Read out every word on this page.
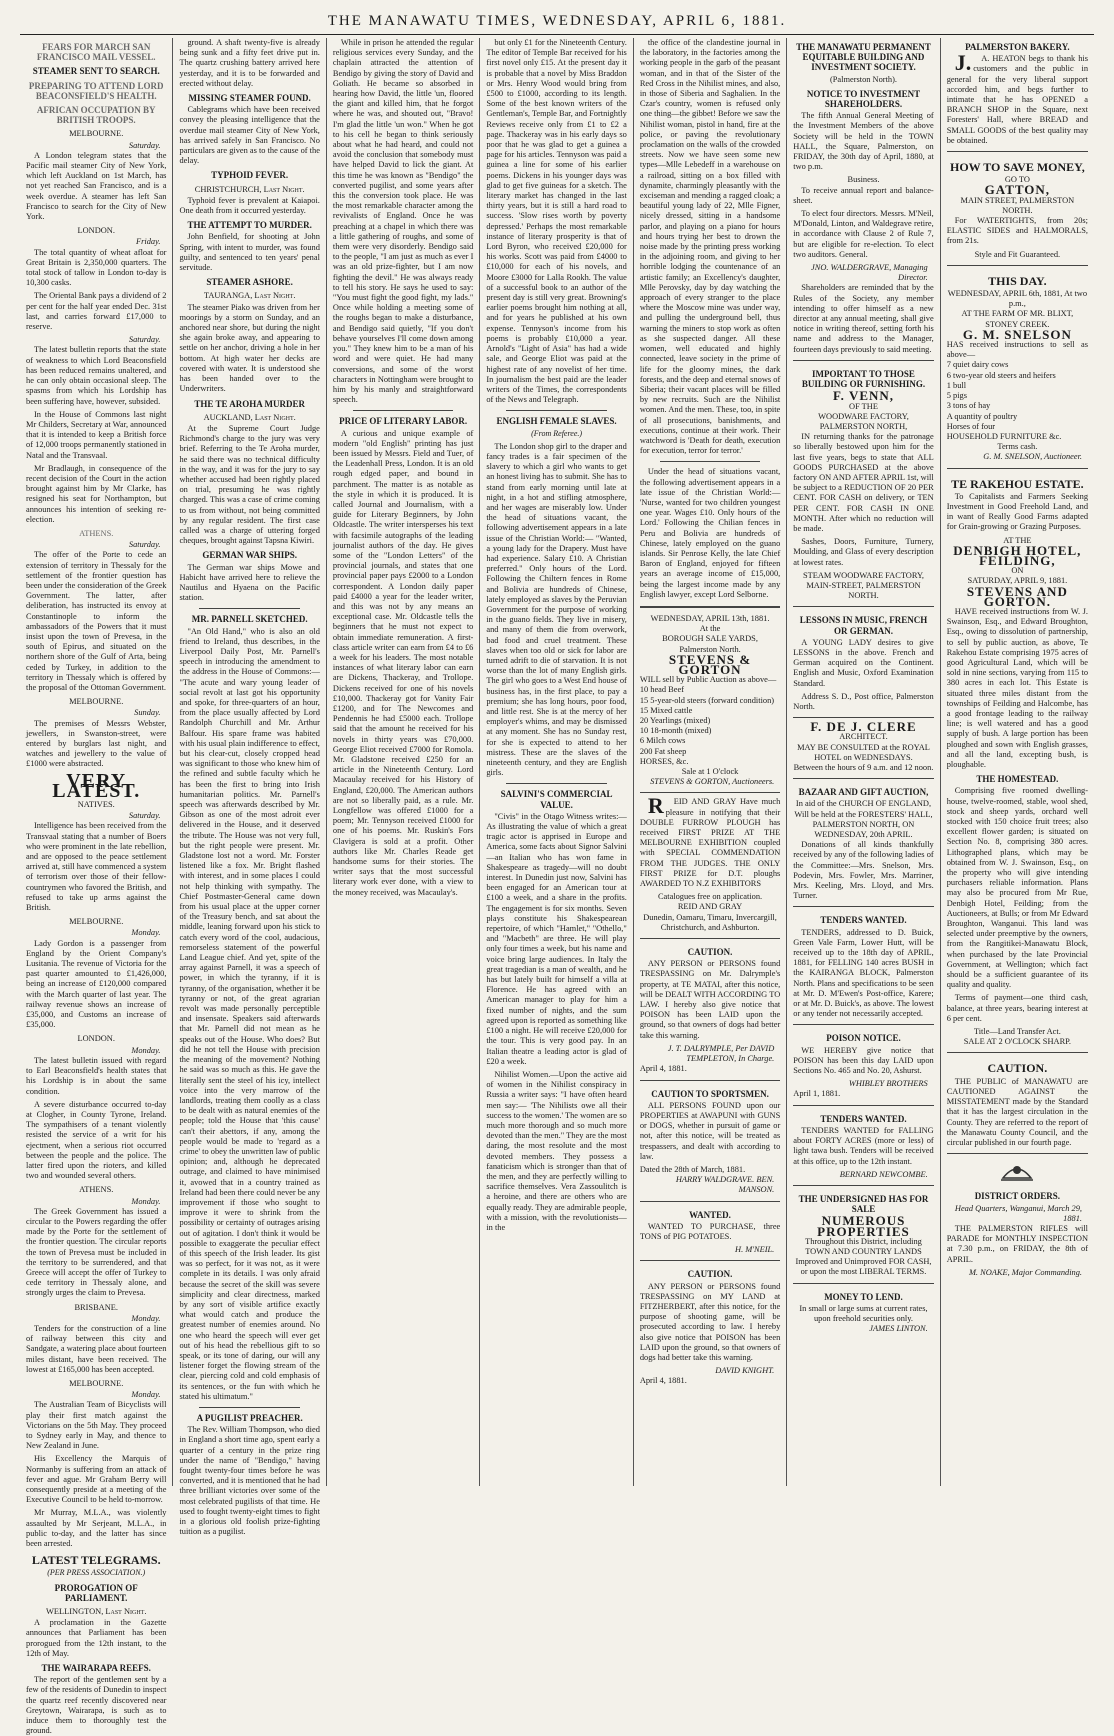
THE MANAWATU TIMES, WEDNESDAY, APRIL 6, 1881.
FEARS FOR MARCH SAN FRANCISCO MAIL VESSEL.
STEAMER SENT TO SEARCH.
PREPARING TO ATTEND LORD BEACONSFIELD'S HEALTH.
AFRICAN OCCUPATION BY BRITISH TROOPS.
MELBOURNE.
Saturday.

A London telegram states that the Pacific mail steamer City of New York, which left Auckland on 1st March, has not yet reached San Francisco, and is a week overdue. A steamer has left San Francisco to search for the City of New York.

LONDON.
Friday.

The total quantity of wheat afloat for Great Britain is 2,350,000 quarters. The total stock of tallow in London to-day is 10,300 casks.

The Oriental Bank pays a dividend of 2 per cent for the half year ended Dec. 31st last, and carries forward £17,000 to reserve.

Saturday.

The latest bulletin reports that the state of weakness to which Lord Beaconsfield has been reduced remains unaltered, and he can only obtain occasional sleep. The spasms from which his Lordship has been suffering have, however, subsided.

In the House of Commons last night Mr Childers, Secretary at War, announced that it is intended to keep a British force of 12,000 troops permanently stationed in Natal and the Transvaal.

Mr Bradlaugh, in consequence of the recent decision of the Court in the action brought against him by Mr Clarke, has resigned his seat for Northampton, but announces his intention of seeking re-election.

ATHENS.
Saturday.

The offer of the Porte to cede an extension of territory in Thessaly for the settlement of the frontier question has been under the consideration of the Greek Government. The latter, after deliberation, has instructed its envoy at Constantinople to inform the ambassadors of the Powers that it must insist upon the town of Prevesa, in the south of Epirus, and situated on the northern shore of the Gulf of Arta, being ceded by Turkey, in addition to the territory in Thessaly which is offered by the proposal of the Ottoman Government.

MELBOURNE.
Sunday.

The premises of Messrs Webster, jewellers, in Swanston-street, were entered by burglars last night, and watches and jewellery to the value of £1000 were abstracted.

VERY LATEST.
NATIVES.
Saturday.

Intelligence has been received from the Transvaal stating that a number of Boers who were prominent in the late rebellion, and are opposed to the peace settlement arrived at, still have commenced a system of terrorism over those of their fellow-countrymen who favored the British, and refused to take up arms against the British.

MELBOURNE.
Monday.

Lady Gordon is a passenger from England by the Orient Company's Lusitania. The revenue of Victoria for the past quarter amounted to £1,426,000, being an increase of £120,000 compared with the March quarter of last year. The railway revenue shows an increase of £35,000, and Customs an increase of £35,000.

LONDON.
Monday.

The latest bulletin issued with regard to Earl Beaconsfield's health states that his Lordship is in about the same condition.

A severe disturbance occurred to-day at Clogher, in County Tyrone, Ireland. The sympathisers of a tenant violently resisted the service of a writ for his ejectment, when a serious riot occurred between the people and the police. The latter fired upon the rioters, and killed two and wounded several others.

ATHENS.
Monday.

The Greek Government has issued a circular to the Powers regarding the offer made by the Porte for the settlement of the frontier question. The circular reports the town of Prevesa must be included in the territory to be surrendered, and that Greece will accept the offer of Turkey to cede territory in Thessaly alone, and strongly urges the claim to Prevesa.

BRISBANE.
Monday.

Tenders for the construction of a line of railway between this city and Sandgate, a watering place about fourteen miles distant, have been received. The lowest at £165,000 has been accepted.

MELBOURNE.
Monday.

The Australian Team of Bicyclists will play their first match against the Victorians on the 5th May. They proceed to Sydney early in May, and thence to New Zealand in June.

His Excellency the Marquis of Normanby is suffering from an attack of fever and ague. Mr Graham Berry will consequently preside at a meeting of the Executive Council to be held to-morrow.

Mr Murray, M.L.A., was violently assaulted by Mr Serjeant, M.L.A., in public to-day, and the latter has since been arrested.

LATEST TELEGRAMS.
(PER PRESS ASSOCIATION.)
PROROGATION OF PARLIAMENT.
WELLINGTON, Last Night.

A proclamation in the Gazette announces that Parliament has been prorogued from the 12th instant, to the 12th of May.

THE WAIRARAPA REEFS.

The report of the gentlemen sent by a few of the residents of Dunedin to inspect the quartz reef recently discovered near Greytown, Wairarapa, is such as to induce them to thoroughly test the ground.

ground. A shaft twenty-five is already being sunk and a fifty feet drive put in. The quartz crushing battery arrived here yesterday, and it is to be forwarded and erected without delay.

MISSING STEAMER FOUND.

Cablegrams which have been received convey the pleasing intelligence that the overdue mail steamer City of New York, has arrived safely in San Francisco. No particulars are given as to the cause of the delay.

TYPHOID FEVER.
CHRISTCHURCH, Last Night.

Typhoid fever is prevalent at Kaiapoi. One death from it occurred yesterday.

THE ATTEMPT TO MURDER.

John Benfield, for shooting at John Spring, with intent to murder, was found guilty, and sentenced to ten years' penal servitude.

STEAMER ASHORE.
TAURANGA, Last Night.

The steamer Piako was driven from her moorings by a storm on Sunday, and an anchored near shore, but during the night she again broke away, and appearing to settle on her anchor, driving a hole in her bottom. At high water her decks are covered with water. It is understood she has been handed over to the Underwriters.

THE TE AROHA MURDER
AUCKLAND, Last Night.

At the Supreme Court Judge Richmond's charge to the jury was very brief. Referring to the Te Aroha murder, he said there was no technical difficulty in the way, and it was for the jury to say whether accused had been rightly placed on trial, presuming he was rightly charged. This was a case of crime coming to us from without, not being committed by any regular resident. The first case called was a charge of uttering forged cheques, brought against Tapsna Kiwiri.

GERMAN WAR SHIPS.

The German war ships Mowe and Habicht have arrived here to relieve the Nautilus and Hyaena on the Pacific station.

MR. PARNELL SKETCHED.

"An Old Hand," who is also an old friend to Ireland, thus describes, in the Liverpool Daily Post, Mr. Parnell's speech in introducing the amendment to the address in the House of Commons:— "The acute and wary young leader of social revolt at last got his opportunity and spoke, for three-quarters of an hour, from the place usually affected by Lord Randolph Churchill and Mr. Arthur Balfour. His spare frame was habited with his usual plain indifference to effect, but his clear-cut, closely cropped head was significant to those who knew him of the refined and subtle faculty which he has been the first to bring into Irish humanitarian politics. Mr. Parnell's speech was afterwards described by Mr. Gibson as one of the most adroit ever delivered in the House, and it deserved the tribute. The House was not very full, but the right people were present. Mr. Gladstone lost not a word. Mr. Forster listened like a fox. Mr. Bright flashed with interest, and in some places I could not help thinking with sympathy. The Chief Postmaster-General came down from his usual place at the upper corner of the Treasury bench, and sat about the middle, leaning forward upon his stick to catch every word of the cool, audacious, remorseless statement of the powerful Land League chief. And yet, spite of the array against Parnell, it was a speech of power, in which the tyranny, if it is tyranny, of the organisation, whether it be tyranny or not, of the great agrarian revolt was made personally perceptible and insensate. Speakers said afterwards that Mr. Parnell did not mean as he speaks out of the House. Who does? But did he not tell the House with precision the meaning of the movement? Nothing he said was so much as this. He gave the literally sent the steel of his icy, intellect voice into the very marrow of the landlords, treating them coolly as a class to be dealt with as natural enemies of the people; told the House that 'this cause' can't their abettors, if any, among the people would be made to 'regard as a crime' to obey the unwritten law of public opinion; and, although he deprecated outrage, and claimed to have minimised it, avowed that in a country trained as Ireland had been there could never be any improvement if those who sought to improve it were to shrink from the possibility or certainty of outrages arising out of agitation. I don't think it would be possible to exaggerate the peculiar effect of this speech of the Irish leader. Its gist was so perfect, for it was not, as it were complete in its details. I was only afraid because the secret of the skill was severe simplicity and clear directness, marked by any sort of visible artifice exactly what would catch and produce the greatest number of enemies around. No one who heard the speech will ever get out of his head the rebellious gift to so speak, or its tone of daring, our will any listener forget the flowing stream of the clear, piercing cold and cold emphasis of its sentences, or the fun with which he stated his ultimatum."

A PUGILIST PREACHER.

The Rev. William Thompson, who died in England a short time ago, spent early a quarter of a century in the prize ring under the name of "Bendigo," having fought twenty-four times before he was converted, and it is mentioned that he had three brilliant victories over some of the most celebrated pugilists of that time. He used to fought twenty-eight times to fight in a glorious old foolish prize-fighting tuition as a pugilist.

While in prison he attended the regular religious services every Sunday, and the chaplain attracted the attention of Bendigo by giving the story of David and Goliath. He became so absorbed in hearing how David, the little 'un, floored the giant and killed him, that he forgot where he was, and shouted out, "Bravo! I'm glad the little 'un won." When he got to his cell he began to think seriously about what he had heard, and could not avoid the conclusion that somebody must have helped David to lick the giant. At this time he was known as "Bendigo" the converted pugilist, and some years after this the conversion took place. He was the most remarkable character among the revivalists of England. Once he was preaching at a chapel in which there was a little gathering of roughs, and some of them were very disorderly. Bendigo said to the people, "I am just as much as ever I was an old prize-fighter, but I am now fighting the devil." He was always ready to tell his story. He says he used to say: "You must fight the good fight, my lads." Once while holding a meeting some of the roughs began to make a disturbance, and Bendigo said quietly, "If you don't behave yourselves I'll come down among you." They knew him to be a man of his word and were quiet. He had many conversions, and some of the worst characters in Nottingham were brought to him by his manly and straightforward speech.

PRICE OF LITERARY LABOR.

A curious and unique example of modern "old English" printing has just been issued by Messrs. Field and Tuer, of the Leadenhall Press, London. It is an old rough edged paper, and bound in parchment. The matter is as notable as the style in which it is produced. It is called Journal and Journalism, with a guide for Literary Beginners, by John Oldcastle. The writer intersperses his text with facsimile autographs of the leading journalist authors of the day. He gives some of the "London Letters" of the provincial journals, and states that one provincial paper pays £2000 to a London correspondent. A London daily paper paid £4000 a year for the leader writer, and this was not by any means an exceptional case. Mr. Oldcastle tells the beginners that he must not expect to obtain immediate remuneration. A first-class article writer can earn from £4 to £6 a week for his leaders. The most notable instances of what literary labor can earn are Dickens, Thackeray, and Trollope. Dickens received for one of his novels £10,000. Thackeray got for Vanity Fair £1200, and for The Newcomes and Pendennis he had £5000 each. Trollope said that the amount he received for his novels in thirty years was £70,000. George Eliot received £7000 for Romola. Mr. Gladstone received £250 for an article in the Nineteenth Century. Lord Macaulay received for his History of England, £20,000. The American authors are not so liberally paid, as a rule. Mr. Longfellow was offered £1000 for a poem; Mr. Tennyson received £1000 for one of his poems. Mr. Ruskin's Fors Clavigera is sold at a profit. Other authors like Mr. Charles Reade get handsome sums for their stories. The writer says that the most successful literary work ever done, with a view to the money received, was Macaulay's.

but only £1 for the Nineteenth Century. The editor of Temple Bar received for his first novel only £15. At the present day it is probable that a novel by Miss Braddon or Mrs. Henry Wood would bring from £500 to £1000, according to its length. Some of the best known writers of the Gentleman's, Temple Bar, and Fortnightly Reviews receive only from £1 to £2 a page. Thackeray was in his early days so poor that he was glad to get a guinea a page for his articles. Tennyson was paid a guinea a line for some of his earlier poems. Dickens in his younger days was glad to get five guineas for a sketch. The literary market has changed in the last thirty years, but it is still a hard road to success. 'Slow rises worth by poverty depressed.' Perhaps the most remarkable instance of literary prosperity is that of Lord Byron, who received £20,000 for his works. Scott was paid from £4000 to £10,000 for each of his novels, and Moore £3000 for Lalla Rookh. The value of a successful book to an author of the present day is still very great. Browning's earlier poems brought him nothing at all, and for years he published at his own expense. Tennyson's income from his poems is probably £10,000 a year. Arnold's "Light of Asia" has had a wide sale, and George Eliot was paid at the highest rate of any novelist of her time. In journalism the best paid are the leader writers of the Times, the correspondents of the News and Telegraph.

ENGLISH FEMALE SLAVES.
(From Referee.)

The London shop girl to the draper and fancy trades is a fair specimen of the slavery to which a girl who wants to get an honest living has to submit. She has to stand from early morning until late at night, in a hot and stifling atmosphere, and her wages are miserably low. Under the head of situations vacant, the following advertisement appears in a late issue of the Christian World:— "Wanted, a young lady for the Drapery. Must have had experience. Salary £10. A Christian preferred." Only hours of the Lord. Following the Chiltern fences in Rome and Bolivia are hundreds of Chinese, lately employed as slaves by the Peruvian Government for the purpose of working in the guano fields. They live in misery, and many of them die from overwork, bad food and cruel treatment. These slaves when too old or sick for labor are turned adrift to die of starvation. It is not worse than the lot of many English girls. The girl who goes to a West End house of business has, in the first place, to pay a premium; she has long hours, poor food, and little rest. She is at the mercy of her employer's whims, and may be dismissed at any moment. She has no Sunday rest, for she is expected to attend to her mistress. These are the slaves of the nineteenth century, and they are English girls.

SALVINI'S COMMERCIAL VALUE.

"Civis" in the Otago Witness writes:— As illustrating the value of which a great tragic actor is apprised in Europe and America, some facts about Signor Salvini—an Italian who has won fame in Shakespeare as tragedy—will no doubt interest. In Dunedin just now, Salvini has been engaged for an American tour at £100 a week, and a share in the profits. The engagement is for six months. Seven plays constitute his Shakespearean repertoire, of which "Hamlet," "Othello," and "Macbeth" are three. He will play only four times a week, but his name and voice bring large audiences. In Italy the great tragedian is a man of wealth, and he has but lately built for himself a villa at Florence. He has agreed with an American manager to play for him a fixed number of nights, and the sum agreed upon is reported as something like £100 a night. He will receive £20,000 for the tour. This is very good pay. In an Italian theatre a leading actor is glad of £20 a week.

Nihilist Women.—Upon the active aid of women in the Nihilist conspiracy in Russia a writer says: "I have often heard men say:— 'The Nihilists owe all their success to the women.' The women are so much more thorough and so much more devoted than the men." They are the most daring, the most resolute and the most devoted members. They possess a fanaticism which is stronger than that of the men, and they are perfectly willing to sacrifice themselves. Vera Zassoulitch is a heroine, and there are others who are equally ready. They are admirable people, with a mission, with the revolutionists—in the

the office of the clandestine journal in the laboratory, in the factories among the working people in the garb of the peasant woman, and in that of the Sister of the Red Cross in the Nihilist mines, and also, in those of Siberia and Saghalien. In the Czar's country, women is refused only one thing—the gibbet! Before we saw the Nihilist woman, pistol in hand, fire at the police, or paving the revolutionary proclamation on the walls of the crowded streets. Now we have seen some new types—Mlle Lebedeff in a warehouse on a railroad, sitting on a box filled with dynamite, charmingly pleasantly with the exciseman and mending a ragged cloak; a beautiful young lady of 22, Mlle Figner, nicely dressed, sitting in a handsome parlor, and playing on a piano for hours and hours trying her best to drown the noise made by the printing press working in the adjoining room, and giving to her horrible lodging the countenance of an artistic family; an Excellency's daughter, Mlle Perovsky, day by day watching the approach of every stranger to the place where the Moscow mine was under way, and pulling the underground bell, thus warning the miners to stop work as often as she suspected danger. All these women, well educated and highly connected, leave society in the prime of life for the gloomy mines, the dark forests, and the deep and eternal snows of Siberia; their vacant places will be filled by new recruits. Such are the Nihilist women. And the men. These, too, in spite of all prosecutions, banishments, and executions, continue at their work. Their watchword is 'Death for death, execution for execution, terror for terror.'

Under the head of situations vacant, the following advertisement appears in a late issue of the Christian World:— 'Nurse, wanted for two children youngest one year. Wages £10. Only hours of the Lord.' Following the Chilian fences in Peru and Bolivia are hundreds of Chinese, lately employed on the guano islands. Sir Penrose Kelly, the late Chief Baron of England, enjoyed for fifteen years an average income of £15,000, being the largest income made by any English lawyer, except Lord Selborne.

WEDNESDAY, APRIL 13th, 1881.
At the
BOROUGH SALE YARDS,
Palmerston North.
STEVENS & GORTON
WILL sell by Public Auction as above—
10 head Beef
15 5-year-old steers (forward condition)
15 Mixed cattle
20 Yearlings (mixed)
10 18-month (mixed)
6 Milch cows
200 Fat sheep
HORSES, &c.
Sale at 1 O'clock
STEVENS & GORTON, Auctioneers.

REID AND GRAY Have much pleasure in notifying that their DOUBLE FURROW PLOUGH has received FIRST PRIZE AT THE MELBOURNE EXHIBITION coupled with SPECIAL COMMENDATION FROM THE JUDGES. THE ONLY FIRST PRIZE for D.T. ploughs AWARDED TO N.Z EXHIBITORS

Catalogues free on application.
REID AND GRAY
Dunedin, Oamaru, Timaru, Invercargill, Christchurch, and Ashburton.
CAUTION.

ANY PERSON or PERSONS found TRESPASSING on Mr. Dalrymple's property, at TE MATAI, after this notice, will be DEALT WITH ACCORDING TO LAW. I hereby also give notice that POISON has been LAID upon the ground, so that owners of dogs had better take this warning.

J. T. DALRYMPLE, Per DAVID TEMPLETON, In Charge.
April 4, 1881.
CAUTION TO SPORTSMEN.

ALL PERSONS FOUND upon our PROPERTIES at AWAPUNI with GUNS or DOGS, whether in pursuit of game or not, after this notice, will be treated as trespassers, and dealt with according to law.

Dated the 28th of March, 1881.
HARRY WALDGRAVE. BEN. MANSON.
WANTED.

WANTED TO PURCHASE, three TONS of PIG POTATOES.

H. M'NEIL.
CAUTION.

ANY PERSON or PERSONS found TRESPASSING on MY LAND at FITZHERBERT, after this notice, for the purpose of shooting game, will be prosecuted according to law. I hereby also give notice that POISON has been LAID upon the ground, so that owners of dogs had better take this warning.

DAVID KNIGHT.
April 4, 1881.
THE MANAWATU PERMANENT EQUITABLE BUILDING AND INVESTMENT SOCIETY.
(Palmerston North).
NOTICE TO INVESTMENT SHAREHOLDERS.

The fifth Annual General Meeting of the Investment Members of the above Society will be held in the TOWN HALL, the Square, Palmerston, on FRIDAY, the 30th day of April, 1880, at two p.m.

Business.

To receive annual report and balance-sheet.

To elect four directors. Messrs. M'Neil, M'Donald, Linton, and Waldegrave retire, in accordance with Clause 2 of Rule 7, but are eligible for re-election. To elect two auditors. General.

JNO. WALDERGRAVE, Managing Director.

Shareholders are reminded that by the Rules of the Society, any member intending to offer himself as a new director at any annual meeting, shall give notice in writing thereof, setting forth his name and address to the Manager, fourteen days previously to said meeting.

IMPORTANT TO THOSE BUILDING OR FURNISHING.
F. VENN,
OF THE
WOODWARE FACTORY, PALMERSTON NORTH,

IN returning thanks for the patronage so liberally bestowed upon him for the last five years, begs to state that ALL GOODS PURCHASED at the above factory ON AND AFTER APRIL 1st, will be subject to a REDUCTION OF 20 PER CENT. FOR CASH on delivery, or TEN PER CENT. FOR CASH IN ONE MONTH. After which no reduction will be made.

Sashes, Doors, Furniture, Turnery, Moulding, and Glass of every description at lowest rates.

STEAM WOODWARE FACTORY, MAIN-STREET, PALMERSTON NORTH.
LESSONS IN MUSIC, FRENCH OR GERMAN.

A YOUNG LADY desires to give LESSONS in the above. French and German acquired on the Continent. English and Music, Oxford Examination Standard.

Address S. D., Post office, Palmerston North.

F. DE J. CLERE
ARCHITECT.
MAY BE CONSULTED at the ROYAL HOTEL on WEDNESDAYS.
Between the hours of 9 a.m. and 12 noon.
BAZAAR AND GIFT AUCTION,
In aid of the CHURCH OF ENGLAND, Will be held at the FORESTERS' HALL, PALMERSTON NORTH, ON WEDNESDAY, 20th APRIL.

Donations of all kinds thankfully received by any of the following ladies of the Committee:—Mrs. Snelson, Mrs. Podevin, Mrs. Fowler, Mrs. Marriner, Mrs. Keeling, Mrs. Lloyd, and Mrs. Turner.

TENDERS WANTED.

TENDERS, addressed to D. Buick, Green Vale Farm, Lower Hutt, will be received up to the 18th day of APRIL, 1881, for FELLING 140 acres BUSH in the KAIRANGA BLOCK, Palmerston North. Plans and specifications to be seen at Mr. D. M'Ewen's Post-office, Karere; or at Mr. D. Buick's, as above. The lowest or any tender not necessarily accepted.

POISON NOTICE.

WE HEREBY give notice that POISON has been this day LAID upon Sections No. 465 and No. 20, Ashurst.

WHIBLEY BROTHERS
April 1, 1881.
TENDERS WANTED.

TENDERS WANTED for FALLING about FORTY ACRES (more or less) of light tawa bush. Tenders will be received at this office, up to the 12th instant.

BERNARD NEWCOMBE.
THE UNDERSIGNED HAS FOR SALE
NUMEROUS PROPERTIES
Throughout this District, including TOWN AND COUNTRY LANDS Improved and Unimproved FOR CASH, or upon the most LIBERAL TERMS.
MONEY TO LEND.
In small or large sums at current rates, upon freehold securities only.
JAMES LINTON.
PALMERSTON BAKERY.

J.A. HEATON begs to thank his customers and the public in general for the very liberal support accorded him, and begs further to intimate that he has OPENED a BRANCH SHOP in the Square, next Foresters' Hall, where BREAD and SMALL GOODS of the best quality may be obtained.

HOW TO SAVE MONEY,
GO TO
GATTON,
MAIN STREET, PALMERSTON NORTH.

For WATERTIGHTS, from 20s; ELASTIC SIDES and HALMORALS, from 21s.

Style and Fit Guaranteed.
THIS DAY.
WEDNESDAY, APRIL 6th, 1881, At two p.m.,
AT THE FARM OF MR. BLIXT, STONEY CREEK.
G. M. SNELSON
HAS received instructions to sell as above—
7 quiet dairy cows
6 two-year old steers and heifers
1 bull
5 pigs
3 tons of hay
A quantity of poultry
Horses of four
HOUSEHOLD FURNITURE &c.
Terms cash.
G. M. SNELSON, Auctioneer.
TE RAKEHOU ESTATE.

To Capitalists and Farmers Seeking Investment in Good Freehold Land, and in want of Really Good Farms adapted for Grain-growing or Grazing Purposes.

AT THE
DENBIGH HOTEL, FEILDING,
ON
SATURDAY, APRIL 9, 1881.
STEVENS AND GORTON.

HAVE received instructions from W. J. Swainson, Esq., and Edward Broughton, Esq., owing to dissolution of partnership, to sell by public auction, as above, Te Rakehou Estate comprising 1975 acres of good Agricultural Land, which will be sold in nine sections, varying from 115 to 380 acres in each lot. This Estate is situated three miles distant from the townships of Feilding and Halcombe, has a good frontage leading to the railway line; is well watered and has a good supply of bush. A large portion has been ploughed and sown with English grasses, and all the land, excepting bush, is ploughable.

THE HOMESTEAD.

Comprising five roomed dwelling-house, twelve-roomed, stable, wool shed, stock and sheep yards, orchard well stocked with 150 choice fruit trees; also excellent flower garden; is situated on Section No. 8, comprising 380 acres. Lithographed plans, which may be obtained from W. J. Swainson, Esq., on the property who will give intending purchasers reliable information. Plans may also be procured from Mr Rue, Denbigh Hotel, Feilding; from the Auctioneers, at Bulls; or from Mr Edward Broughton, Wanganui. This land was selected under preemptive by the owners, from the Rangitikei-Manawatu Block, when purchased by the late Provincial Government, at Wellington; which fact should be a sufficient guarantee of its quality and quality.

Terms of payment—one third cash, balance, at three years, bearing interest at 6 per cent.

Title—Land Transfer Act.
SALE AT 2 O'CLOCK SHARP.
CAUTION.

THE PUBLIC of MANAWATU are CAUTIONED AGAINST the MISSTATEMENT made by the Standard that it has the largest circulation in the County. They are referred to the report of the Manawatu County Council, and the circular published in our fourth page.

DISTRICT ORDERS.
Head Quarters, Wanganui, March 29, 1881.

THE PALMERSTON RIFLES will PARADE for MONTHLY INSPECTION at 7.30 p.m., on FRIDAY, the 8th of APRIL.

M. NOAKE, Major Commanding.
